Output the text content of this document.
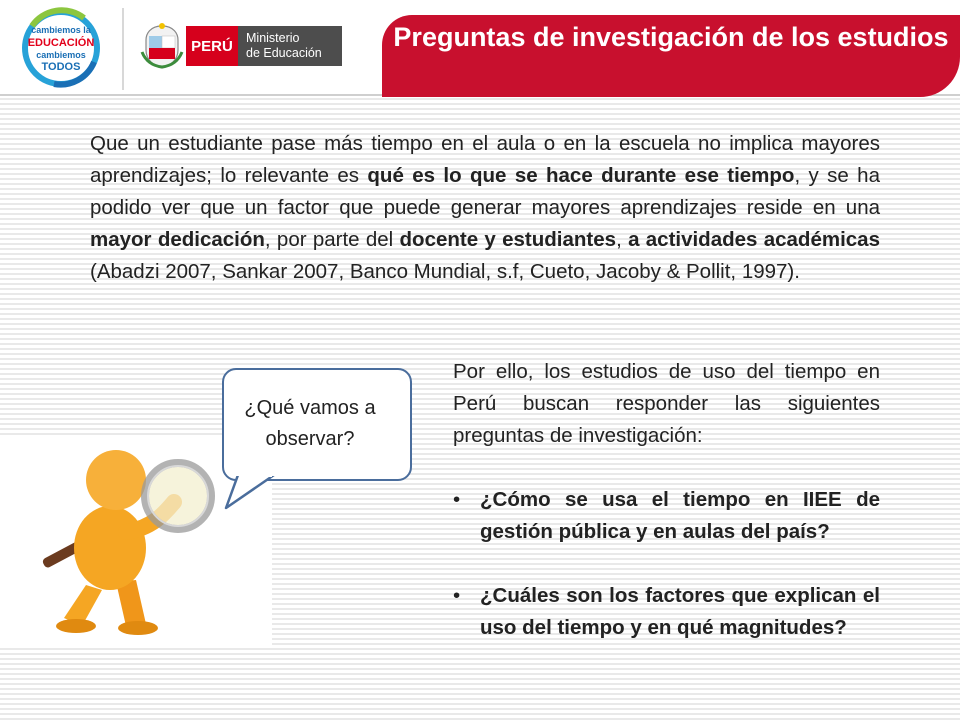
cambiemos la
EDUCACIÓN
cambiemos
TODOS
PERÚ	Ministerio
de Educación
Preguntas de investigación de los estudios
Que un estudiante pase más tiempo en el aula o en la escuela no implica mayores aprendizajes; lo relevante es qué es lo que se hace durante ese tiempo, y se ha podido ver que un factor que puede generar mayores aprendizajes reside en una mayor dedicación, por parte del docente y estudiantes, a actividades académicas (Abadzi 2007, Sankar 2007, Banco Mundial, s.f, Cueto, Jacoby & Pollit, 1997).
¿Qué vamos a
observar?

Por ello, los estudios de uso del tiempo en Perú buscan responder las siguientes preguntas de investigación:

• ¿Cómo se usa el tiempo en IIEE de gestión pública y en aulas del país?
• ¿Cuáles son los factores que explican el uso del tiempo y en qué magnitudes?
